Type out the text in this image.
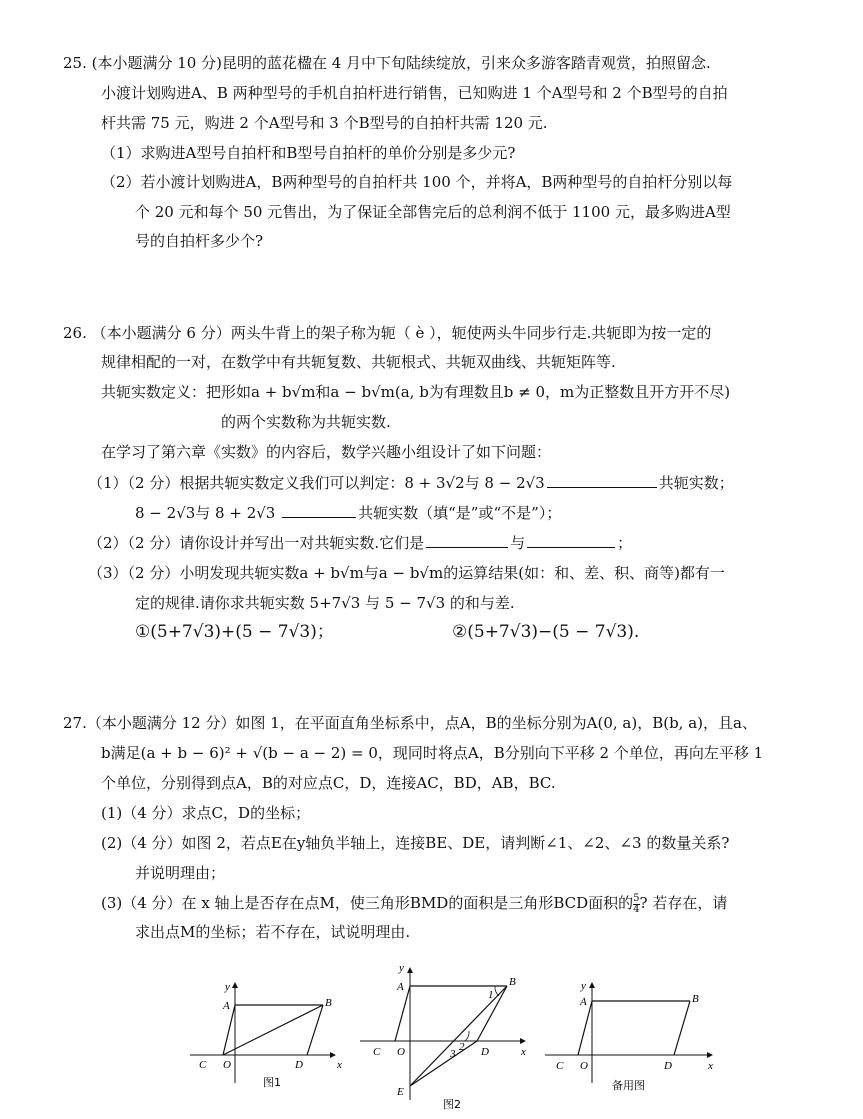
25. (本小题满分 10 分)昆明的蓝花楹在 4 月中下旬陆续绽放，引来众多游客踏青观赏，拍照留念.
小渡计划购进A、B 两种型号的手机自拍杆进行销售，已知购进 1 个A型号和 2 个B型号的自拍
杆共需 75 元，购进 2 个A型号和 3 个B型号的自拍杆共需 120 元.
（1）求购进A型号自拍杆和B型号自拍杆的单价分别是多少元?
（2）若小渡计划购进A，B两种型号的自拍杆共 100 个，并将A，B两种型号的自拍杆分别以每
个 20 元和每个 50 元售出，为了保证全部售完后的总利润不低于 1100 元，最多购进A型
号的自拍杆多少个?
26. （本小题满分 6 分）两头牛背上的架子称为轭（ è ），轭使两头牛同步行走.共轭即为按一定的
规律相配的一对，在数学中有共轭复数、共轭根式、共轭双曲线、共轭矩阵等.
共轭实数定义：把形如a + b√m和a − b√m(a, b为有理数且b ≠ 0，m为正整数且开方开不尽)
的两个实数称为共轭实数.
在学习了第六章《实数》的内容后，数学兴趣小组设计了如下问题：
（1）（2 分）根据共轭实数定义我们可以判定：8 + 3√2与 8 − 2√3	共轭实数；
8 − 2√3与 8 + 2√3	共轭实数（填“是”或“不是”）；
（2）（2 分）请你设计并写出一对共轭实数.它们是	与	；
（3）（2 分）小明发现共轭实数a + b√m与a − b√m的运算结果(如：和、差、积、商等)都有一
定的规律.请你求共轭实数 5+7√3 与 5 − 7√3 的和与差.
①(5+7√3)+(5 − 7√3)；	②(5+7√3)−(5 − 7√3).
27.（本小题满分 12 分）如图 1，在平面直角坐标系中，点A，B的坐标分别为A(0, a)，B(b, a)，且a、
b满足(a + b − 6)² + √(b − a − 2) = 0，现同时将点A，B分别向下平移 2 个单位，再向左平移 1
个单位，分别得到点A，B的对应点C，D，连接AC，BD，AB，BC.
(1)（4 分）求点C，D的坐标；
(2)（4 分）如图 2，若点E在y轴负半轴上，连接BE、DE，请判断∠1、∠2、∠3 的数量关系?
并说明理由；
(3)（4 分）在 x 轴上是否存在点M，使三角形BMD的面积是三角形BCD面积的 $\frac{5}{4}$ ? 若存在，请
求出点M的坐标；若不存在，试说明理由.
y
A	B
C O	D	x
图1
y
A	B
C O	D	x
E
1
2
3
图2
y
A	B
C O	D	x
备用图
